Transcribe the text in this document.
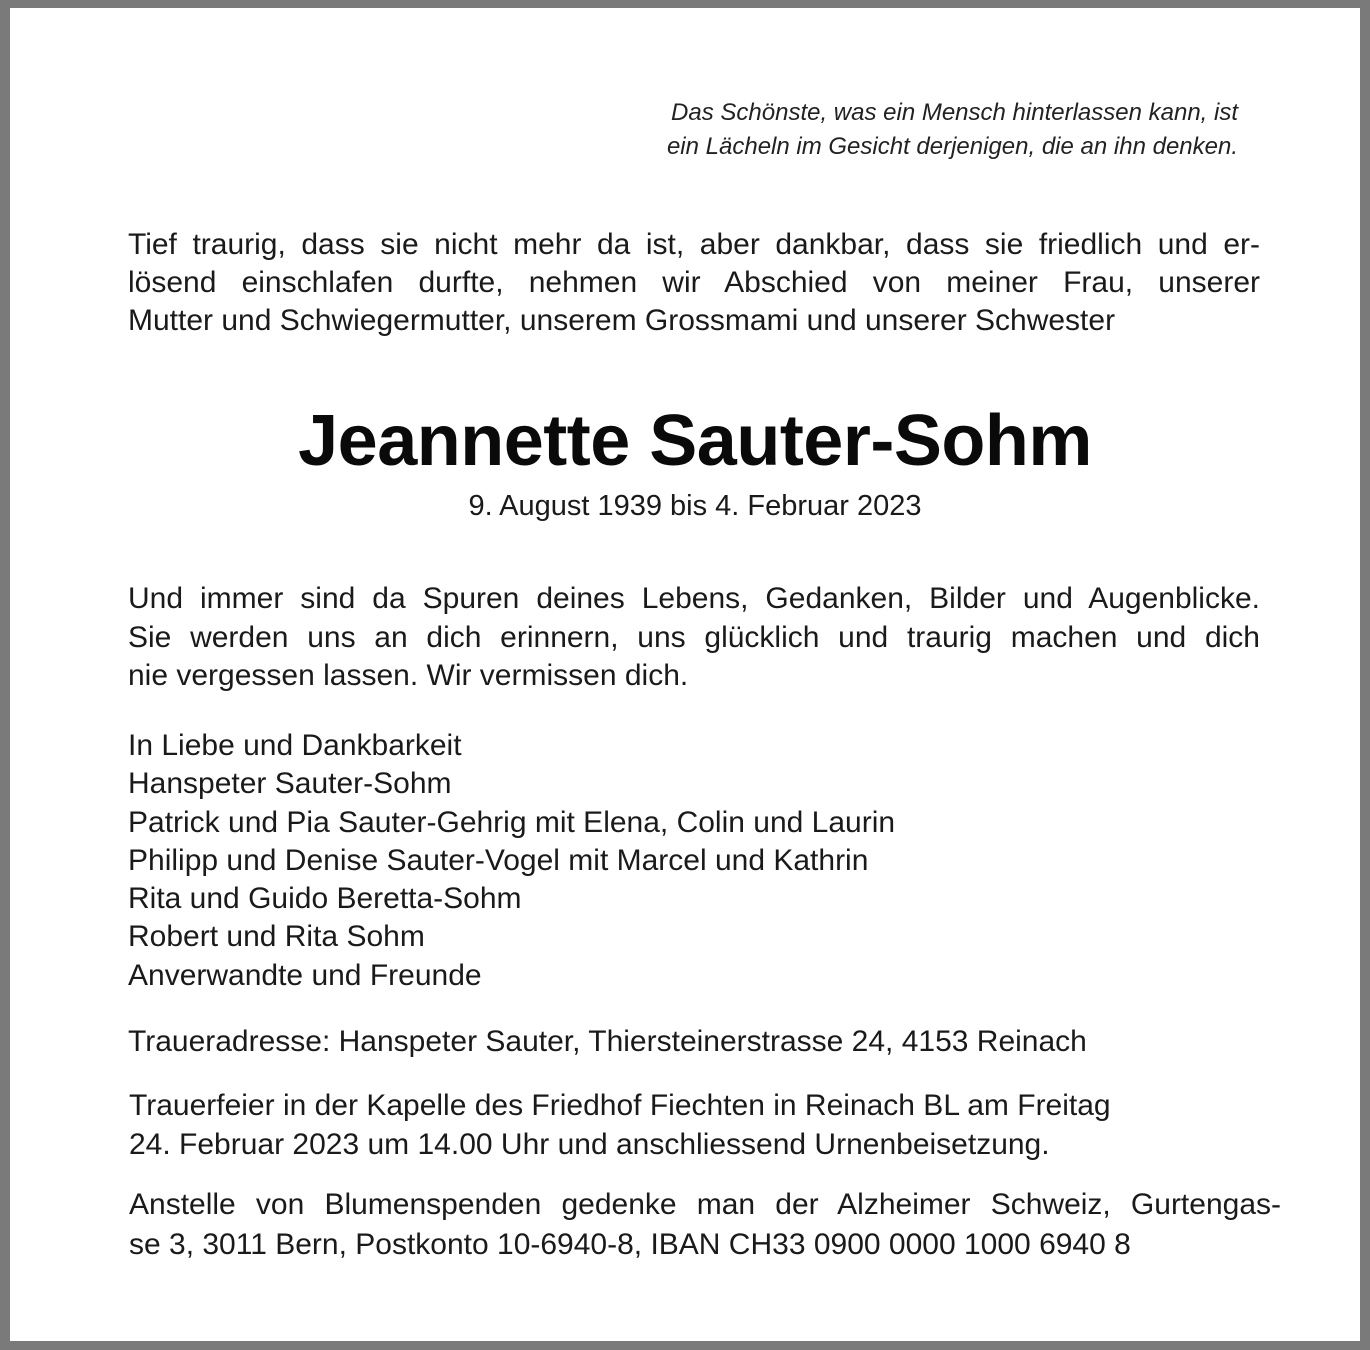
Das Schönste, was ein Mensch hinterlassen kann, ist
ein Lächeln im Gesicht derjenigen, die an ihn denken.
Tief traurig, dass sie nicht mehr da ist, aber dankbar, dass sie friedlich und er-
lösend einschlafen durfte, nehmen wir Abschied von meiner Frau, unserer
Mutter und Schwiegermutter, unserem Grossmami und unserer Schwester
Jeannette Sauter-Sohm
9. August 1939 bis 4. Februar 2023
Und immer sind da Spuren deines Lebens, Gedanken, Bilder und Augenblicke.
Sie werden uns an dich erinnern, uns glücklich und traurig machen und dich
nie vergessen lassen. Wir vermissen dich.
In Liebe und Dankbarkeit
Hanspeter Sauter-Sohm
Patrick und Pia Sauter-Gehrig mit Elena, Colin und Laurin
Philipp und Denise Sauter-Vogel mit Marcel und Kathrin
Rita und Guido Beretta-Sohm
Robert und Rita Sohm
Anverwandte und Freunde
Traueradresse: Hanspeter Sauter, Thiersteinerstrasse 24, 4153 Reinach
Trauerfeier in der Kapelle des Friedhof Fiechten in Reinach BL am Freitag
24. Februar 2023 um 14.00 Uhr und anschliessend Urnenbeisetzung.
Anstelle von Blumenspenden gedenke man der Alzheimer Schweiz, Gurtengas-
se 3, 3011 Bern, Postkonto 10-6940-8, IBAN CH33 0900 0000 1000 6940 8
